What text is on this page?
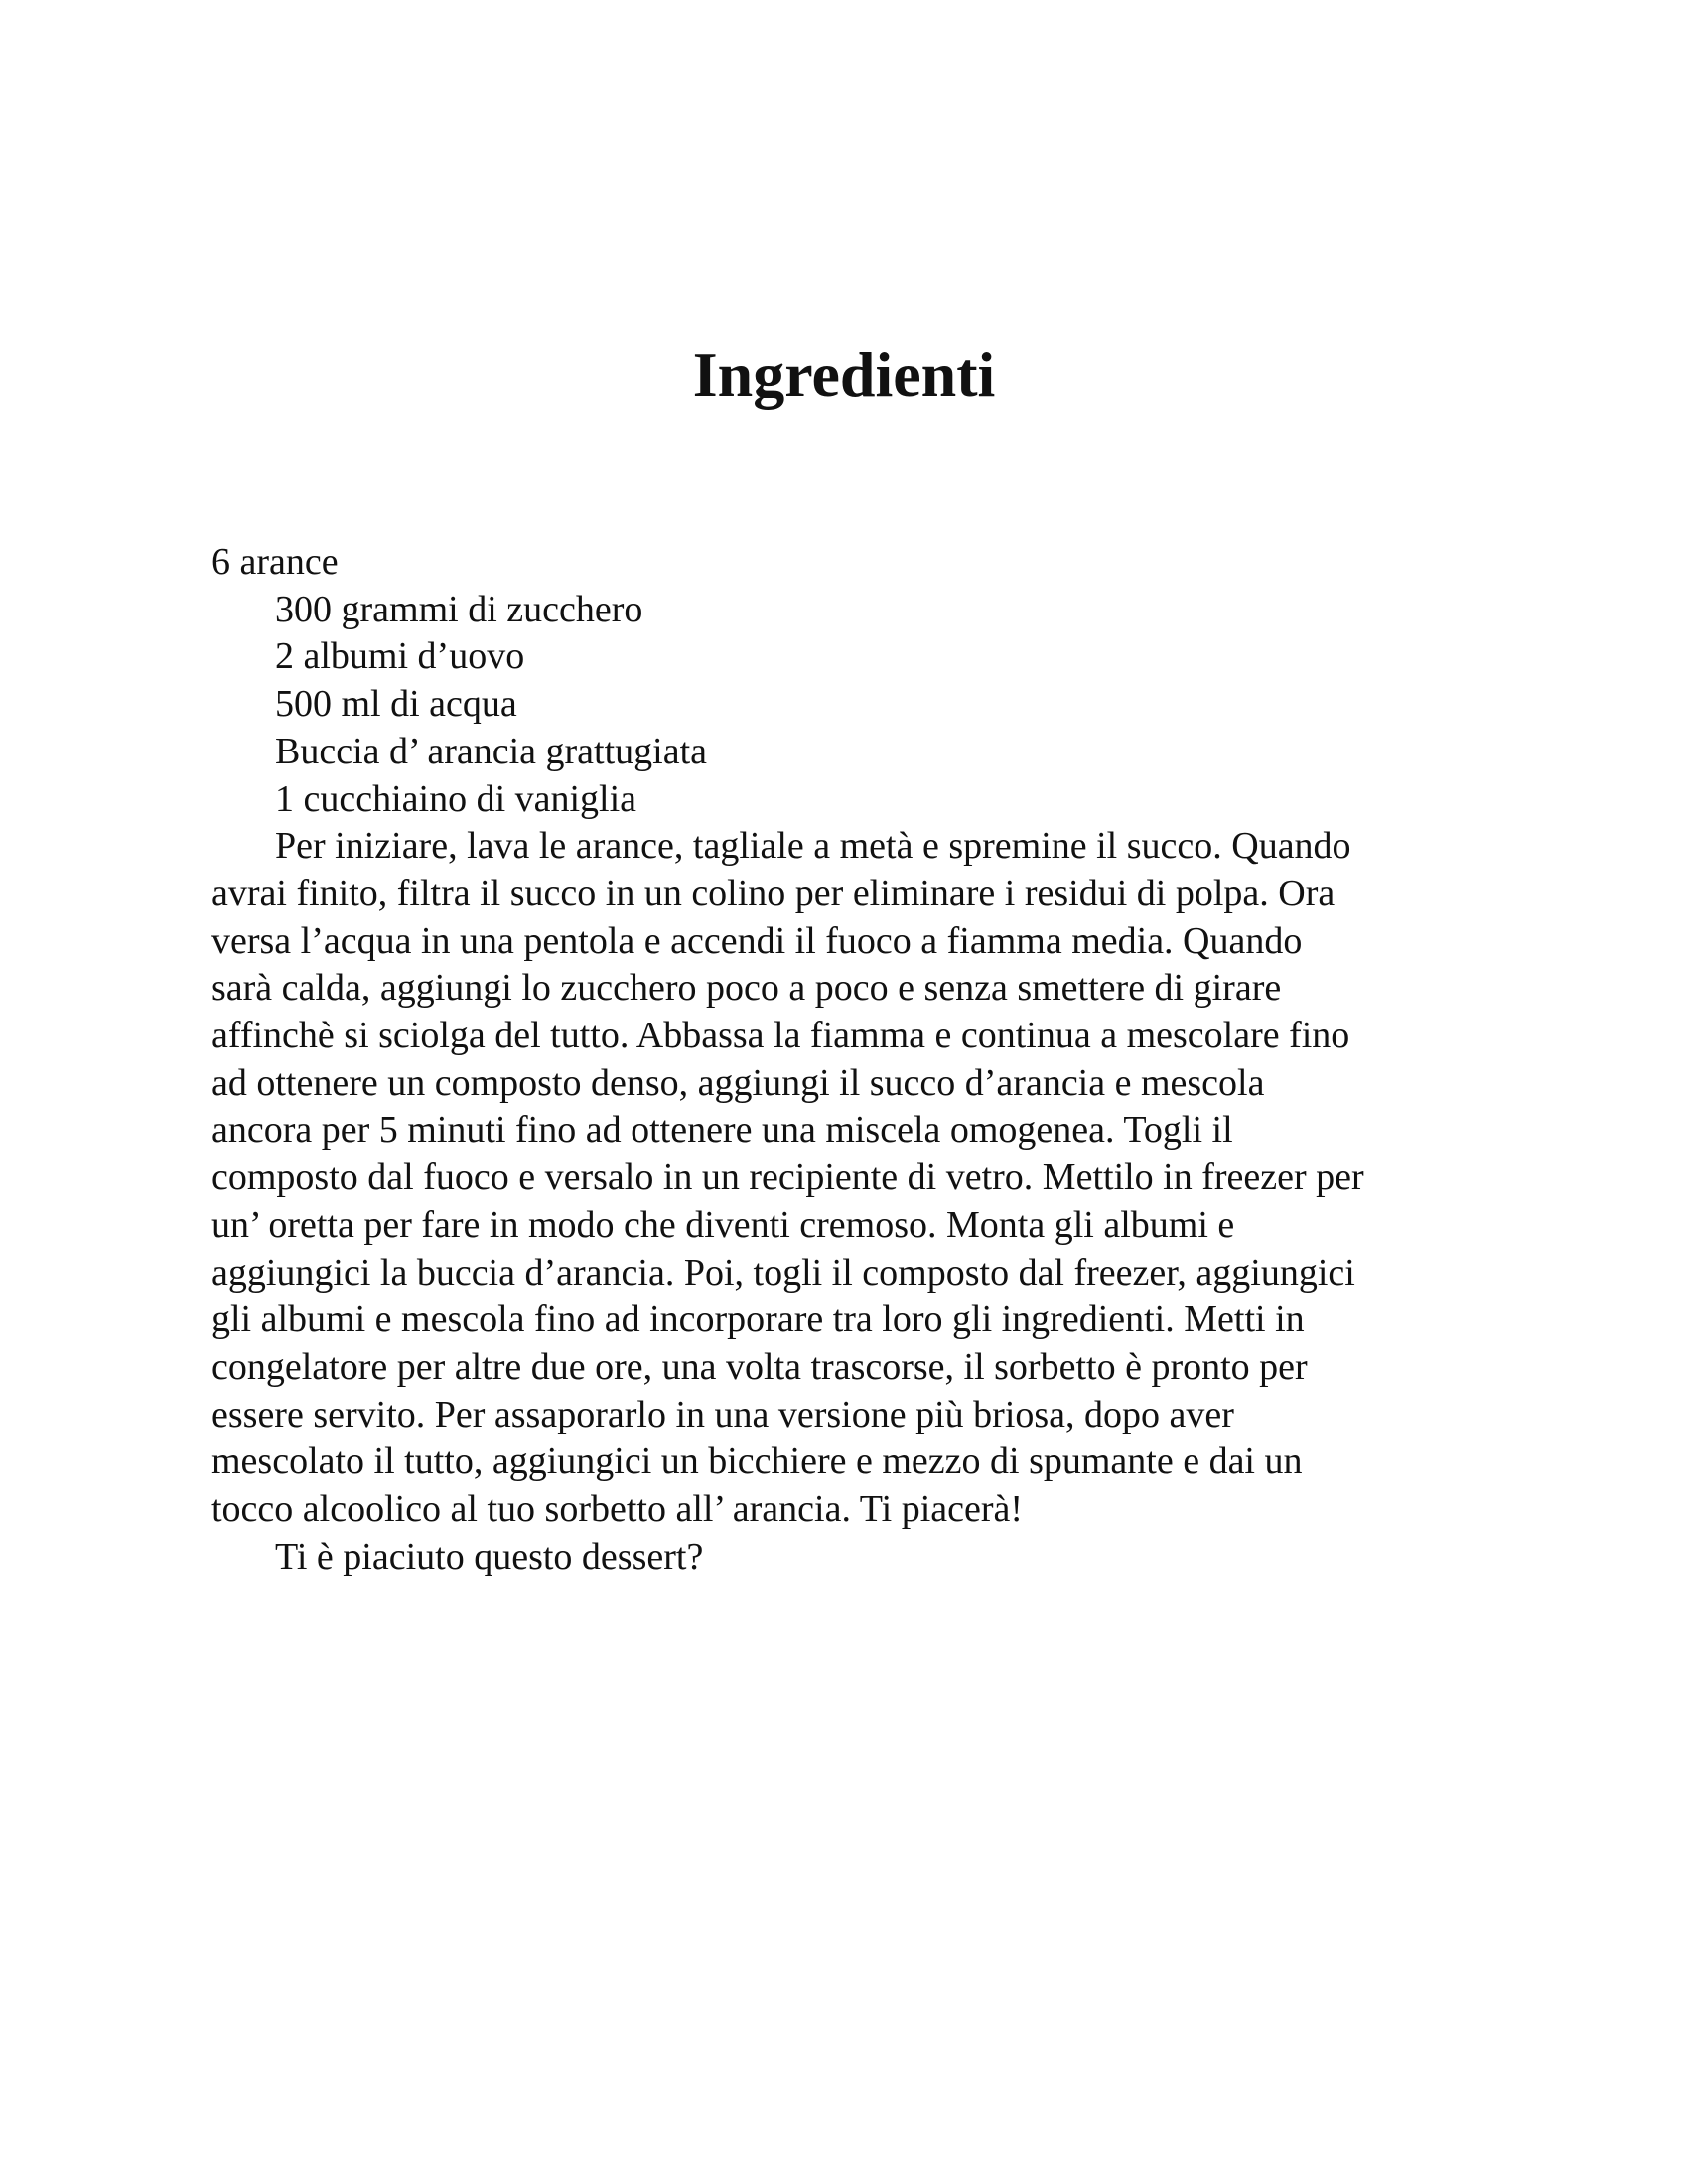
Ingredienti

6 arance

300 grammi di zucchero

2 albumi d’uovo

500 ml di acqua

Buccia d’ arancia grattugiata

1 cucchiaino di vaniglia

Per iniziare, lava le arance, tagliale a metà e spremine il succo. Quando
avrai finito, filtra il succo in un colino per eliminare i residui di polpa. Ora
versa l’acqua in una pentola e accendi il fuoco a fiamma media. Quando
sarà calda, aggiungi lo zucchero poco a poco e senza smettere di girare
affinchè si sciolga del tutto. Abbassa la fiamma e continua a mescolare fino
ad ottenere un composto denso, aggiungi il succo d’arancia e mescola
ancora per 5 minuti fino ad ottenere una miscela omogenea. Togli il
composto dal fuoco e versalo in un recipiente di vetro. Mettilo in freezer per
un’ oretta per fare in modo che diventi cremoso. Monta gli albumi e
aggiungici la buccia d’arancia. Poi, togli il composto dal freezer, aggiungici
gli albumi e mescola fino ad incorporare tra loro gli ingredienti. Metti in
congelatore per altre due ore, una volta trascorse, il sorbetto è pronto per
essere servito. Per assaporarlo in una versione più briosa, dopo aver
mescolato il tutto, aggiungici un bicchiere e mezzo di spumante e dai un
tocco alcoolico al tuo sorbetto all’ arancia. Ti piacerà!

Ti è piaciuto questo dessert?
